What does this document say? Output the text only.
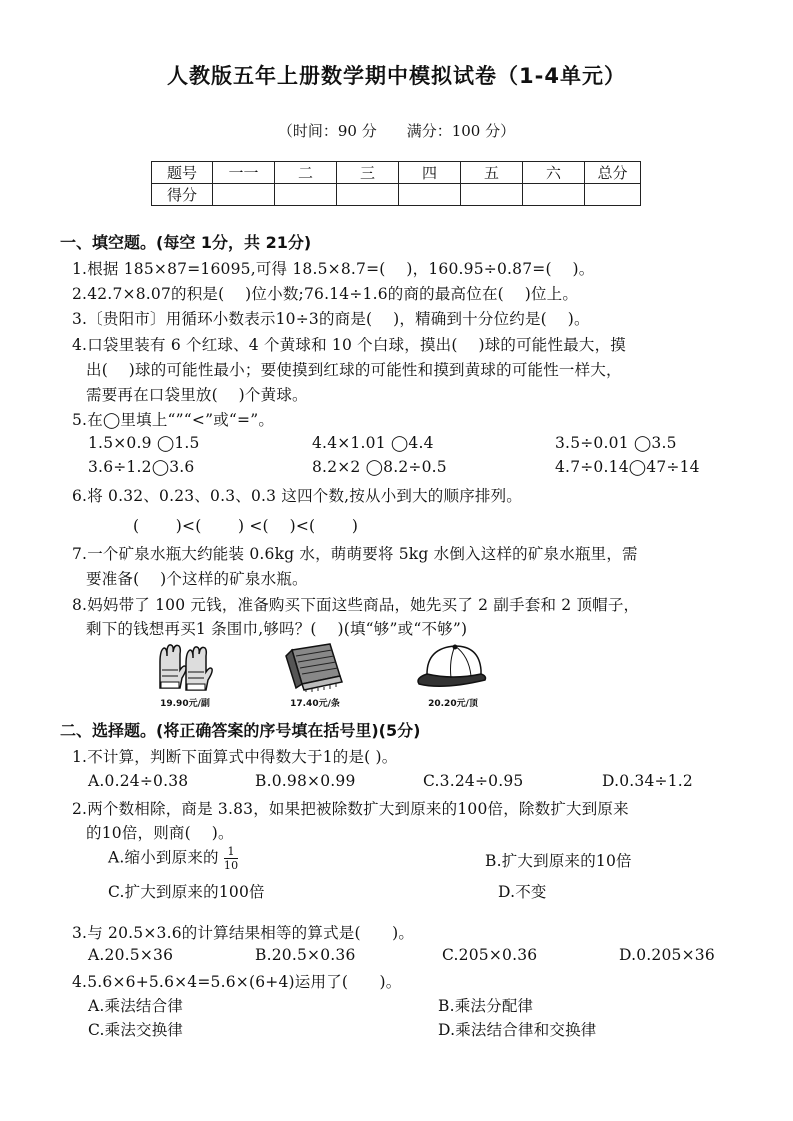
人教版五年上册数学期中模拟试卷（1-4单元）
（时间：90 分　　满分：100 分）
题号	一一	二	三	四	五	六	总分
得分							
一、填空题。(每空 1分，共 21分)
1.根据 185×87=16095,可得 18.5×8.7=(　 )，160.95÷0.87=(　 )。
2.42.7×8.07的积是(　 )位小数;76.14÷1.6的商的最高位在(　 )位上。
3.〔贵阳市〕用循环小数表示10÷3的商是(　 )，精确到十分位约是(　 )。
4.口袋里装有 6 个红球、4 个黄球和 10 个白球，摸出(　 )球的可能性最大，摸
出(　 )球的可能性最小；要使摸到红球的可能性和摸到黄球的可能性一样大，
需要再在口袋里放(　 )个黄球。
5.在◯里填上“”“<”或“=”。
1.5×0.9 ◯1.5	4.4×1.01 ◯4.4	3.5÷0.01 ◯3.5
3.6÷1.2◯3.6	8.2×2 ◯8.2÷0.5	4.7÷0.14◯47÷14
6.将 0.32、0.23、0.3、0.3 这四个数,按从小到大的顺序排列。
(　　 )<(　　 ) <(　 )<(　　 )
7.一个矿泉水瓶大约能装 0.6kg 水，萌萌要将 5kg 水倒入这样的矿泉水瓶里，需
要准备(　 )个这样的矿泉水瓶。
8.妈妈带了 100 元钱，准备购买下面这些商品，她先买了 2 副手套和 2 顶帽子，
剩下的钱想再买1 条围巾,够吗？(　 )(填“够”或“不够”)
19.90元/副	17.40元/条	20.20元/顶
二、选择题。(将正确答案的序号填在括号里)(5分)
1.不计算，判断下面算式中得数大于1的是( )。
A.0.24÷0.38	B.0.98×0.99	C.3.24÷0.95	D.0.34÷1.2
2.两个数相除，商是 3.83，如果把被除数扩大到原来的100倍，除数扩大到原来
的10倍，则商(　 )。
A.缩小到原来的 $\frac{1}{10}$	B.扩大到原来的10倍
C.扩大到原来的100倍	D.不变
3.与 20.5×3.6的计算结果相等的算式是(　　)。
A.20.5×36	B.20.5×0.36	C.205×0.36	D.0.205×36
4.5.6×6+5.6×4=5.6×(6+4)运用了(　　)。
A.乘法结合律	B.乘法分配律
C.乘法交换律	D.乘法结合律和交换律
